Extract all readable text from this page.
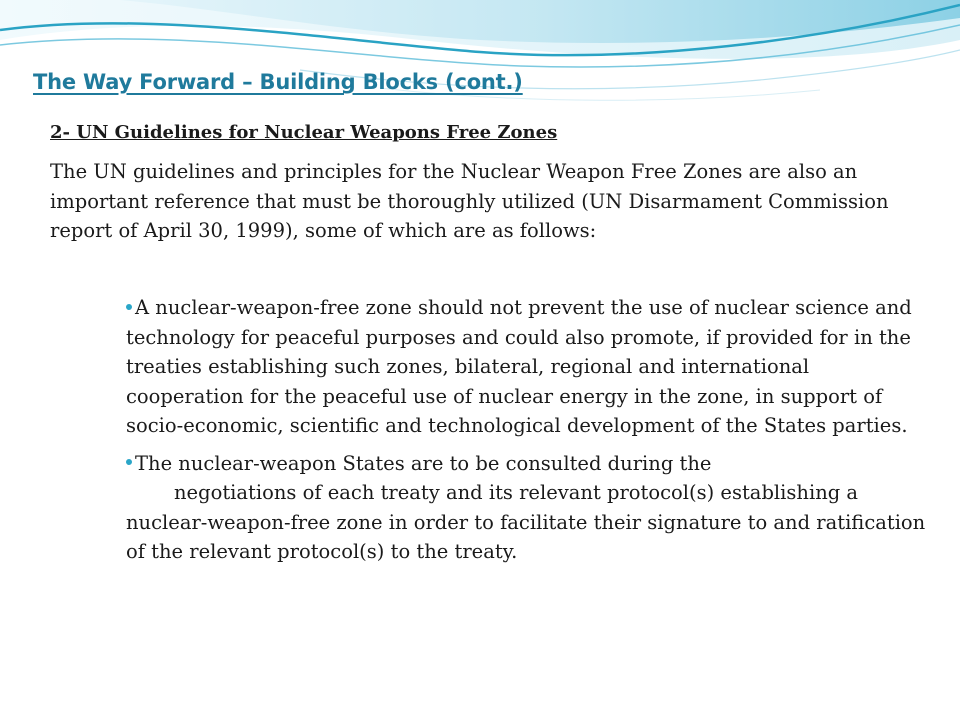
The Way Forward – Building Blocks (cont.)
2- UN Guidelines for Nuclear Weapons Free Zones

The UN guidelines and principles for the Nuclear Weapon Free Zones are also an important reference that must be thoroughly utilized (UN Disarmament Commission report of April 30, 1999), some of which are as follows:

A nuclear-weapon-free zone should not prevent the use of nuclear science and technology for peaceful purposes and could also promote, if provided for in the treaties establishing such zones, bilateral, regional and international cooperation for the peaceful use of nuclear energy in the zone, in support of socio-economic, scientific and technological development of the States parties.
The nuclear-weapon States are to be consulted during the
negotiations of each treaty and its relevant protocol(s) establishing a nuclear-weapon-free zone in order to facilitate their signature to and ratification of the relevant protocol(s) to the treaty.
